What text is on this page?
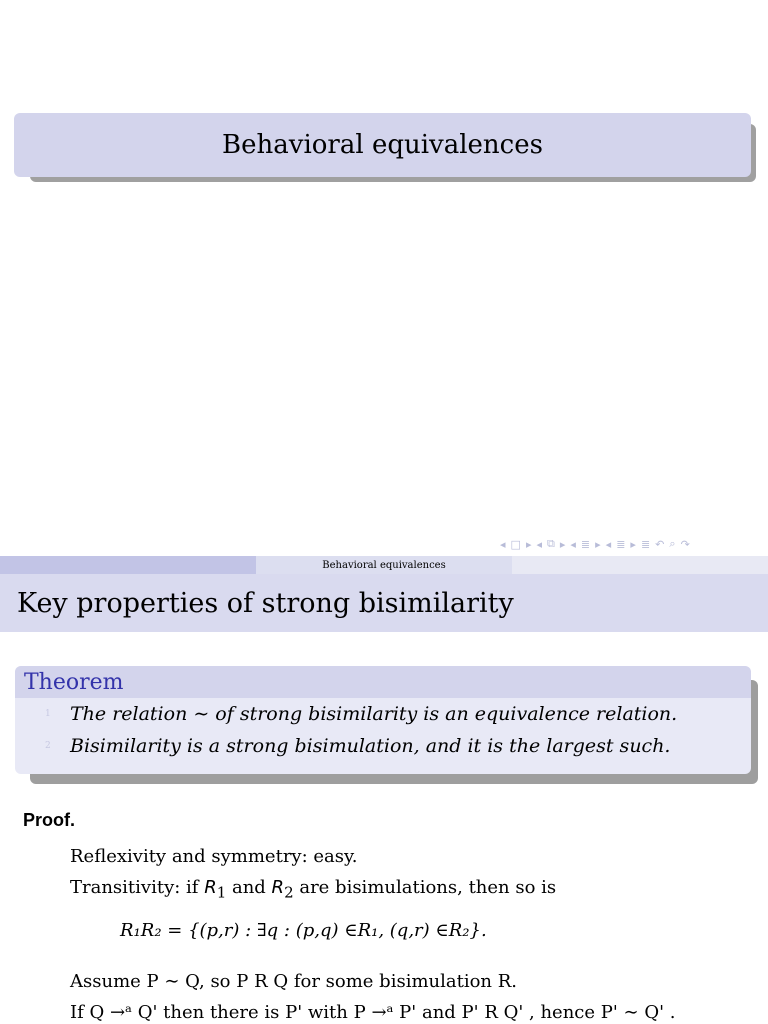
Behavioral equivalences
◂ □ ▸ ◂ ⧉ ▸ ◂ ≣ ▸ ◂ ≣ ▸ ≣ ↶ ⌕ ↷
Behavioral equivalences
Key properties of strong bisimilarity
Theorem
1 The relation ∼ of strong bisimilarity is an equivalence relation.
2 Bisimilarity is a strong bisimulation, and it is the largest such.
Proof.
Reflexivity and symmetry: easy.
Transitivity: if $R_1$ and $R_2$ are bisimulations, then so is
R₁R₂ = {(p,r) : ∃q : (p,q) ∈R₁, (q,r) ∈R₂}.
Assume P ∼ Q, so P R Q for some bisimulation R.
If Q →ᵃ Q' then there is P' with P →ᵃ P' and P' R Q' , hence P' ∼ Q' .
